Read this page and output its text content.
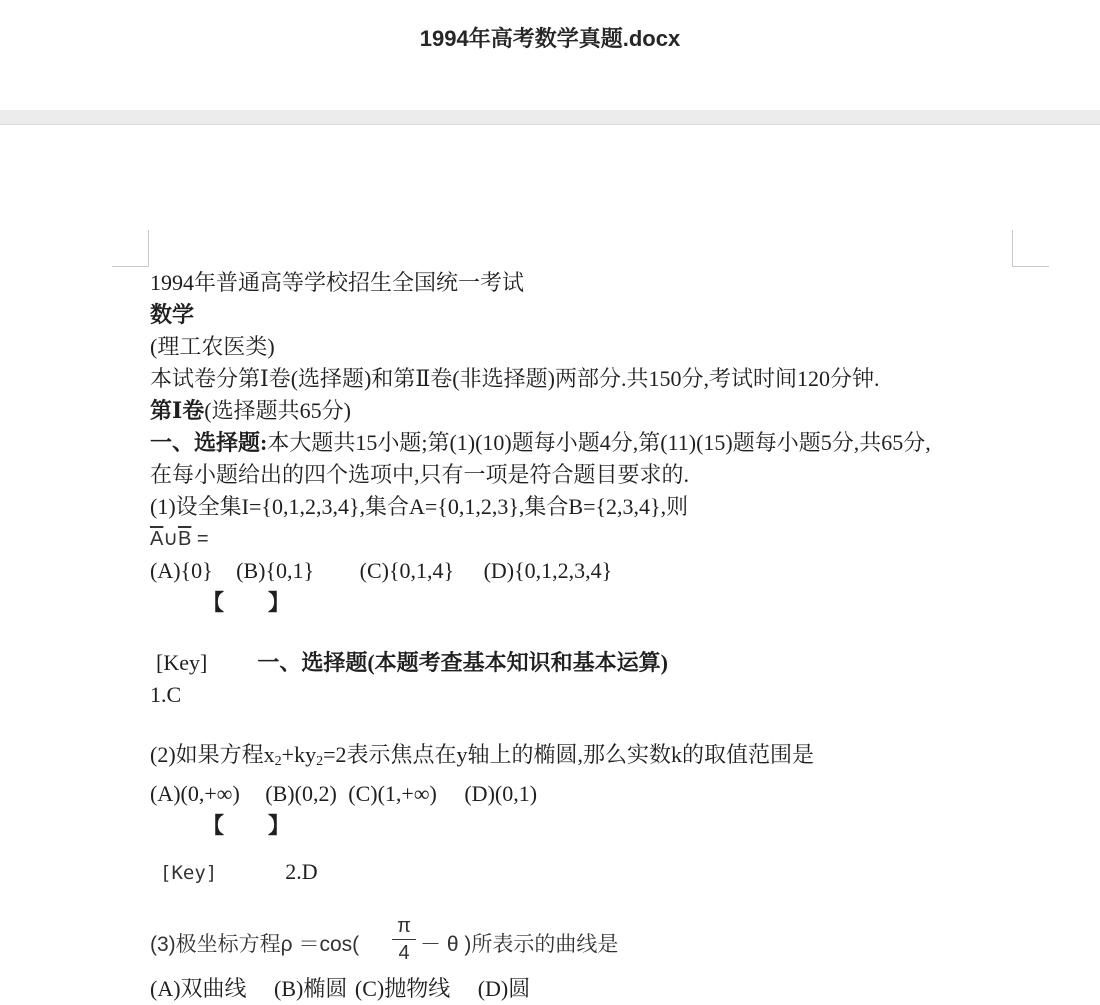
1994年高考数学真题.docx
1994年普通高等学校招生全国统一考试
数学
(理工农医类)
本试卷分第Ⅰ卷(选择题)和第Ⅱ卷(非选择题)两部分.共150分,考试时间120分钟.
第Ⅰ卷(选择题共65分)
一、选择题:本大题共15小题;第(1)(10)题每小题4分,第(11)(15)题每小题5分,共65分,
在每小题给出的四个选项中,只有一项是符合题目要求的.
(1)设全集I={0,1,2,3,4},集合A={0,1,2,3},集合B={2,3,4},则
$\overline{A}\cup\overline{B}$ =
(A){0} (B){0,1} (C){0,1,4} (D){0,1,2,3,4}
【　　】
[Key] 一、选择题(本题考查基本知识和基本运算)
1.C
(2)如果方程$x_2+ky_2=2$表示焦点在y轴上的椭圆,那么实数k的取值范围是
(A)(0,+∞) (B)(0,2) (C)(1,+∞) (D)(0,1)
【　　】
[Key]	2.D
(3)极坐标方程$\rho =\cos( \frac{\pi}{4} - \theta$ )所表示的曲线是
(A)双曲线 (B)椭圆 (C)抛物线 (D)圆
